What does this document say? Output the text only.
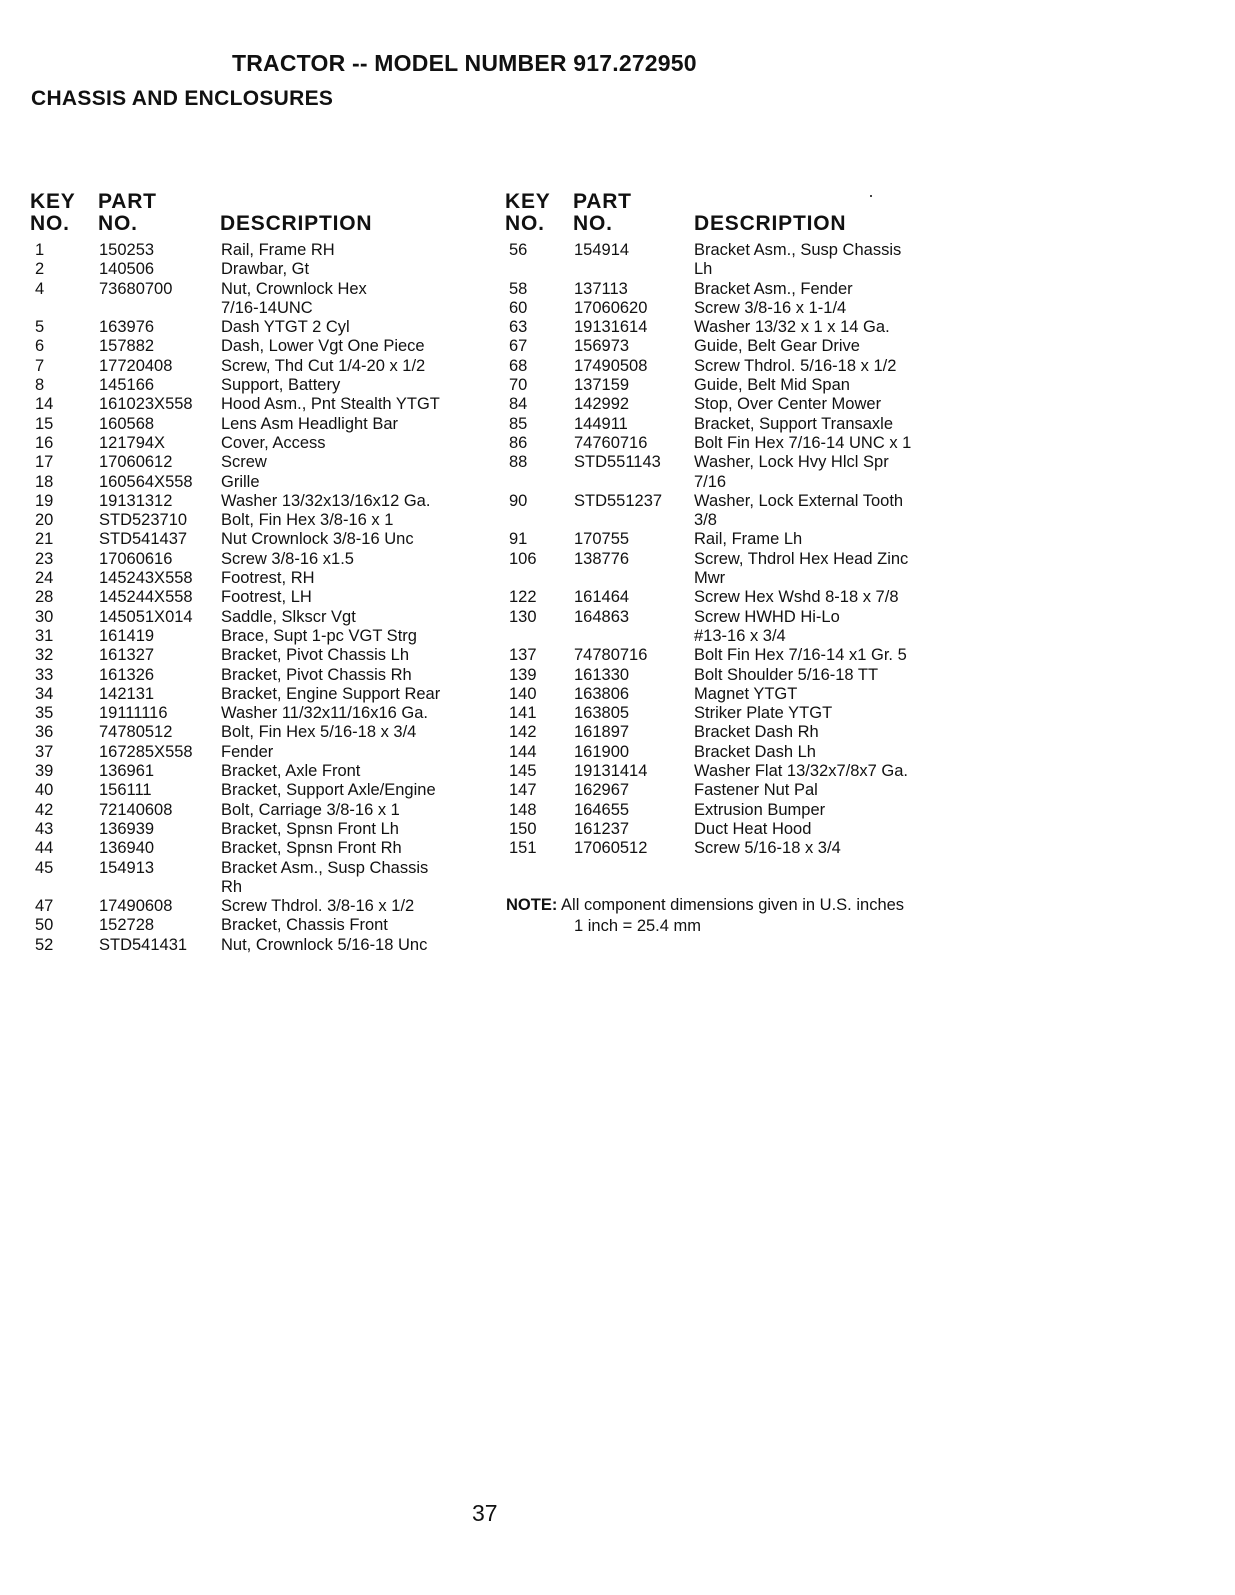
TRACTOR -- MODEL NUMBER 917.272950
CHASSIS AND ENCLOSURES
KEY
NO.
PART
NO.	DESCRIPTION
KEY
NO.
PART
NO.	DESCRIPTION
1	150253	Rail, Frame RH
2	140506	Drawbar, Gt
4	73680700	Nut, Crownlock Hex
7/16-14UNC
5	163976	Dash YTGT 2 Cyl
6	157882	Dash, Lower Vgt One Piece
7	17720408	Screw, Thd Cut 1/4-20 x 1/2
8	145166	Support, Battery
14	161023X558 Hood Asm., Pnt Stealth YTGT
15	160568	Lens Asm Headlight Bar
16	121794X	Cover, Access
17	17060612	Screw
18	160564X558 Grille
19	19131312	Washer 13/32x13/16x12 Ga.
20	STD523710 Bolt, Fin Hex 3/8-16 x 1
21	STD541437 Nut Crownlock 3/8-16 Unc
23	17060616	Screw 3/8-16 x1.5
24	145243X558 Footrest, RH
28	145244X558 Footrest, LH
30	145051X014 Saddle, Slkscr Vgt
31	161419	Brace, Supt 1-pc VGT Strg
32	161327	Bracket, Pivot Chassis Lh
33	161326	Bracket, Pivot Chassis Rh
34	142131	Bracket, Engine Support Rear
35	19111116	Washer 11/32x11/16x16 Ga.
36	74780512	Bolt, Fin Hex 5/16-18 x 3/4
37	167285X558 Fender
39	136961	Bracket, Axle Front
40	156111	Bracket, Support Axle/Engine
42	72140608	Bolt, Carriage 3/8-16 x 1
43	136939	Bracket, Spnsn Front Lh
44	136940	Bracket, Spnsn Front Rh
45	154913	Bracket Asm., Susp Chassis
Rh
47	17490608	Screw Thdrol. 3/8-16 x 1/2
50	152728	Bracket, Chassis Front
52	STD541431 Nut, Crownlock 5/16-18 Unc
56	154914	Bracket Asm., Susp Chassis
Lh
58	137113	Bracket Asm., Fender
60	17060620	Screw 3/8-16 x 1-1/4
63	19131614	Washer 13/32 x 1 x 14 Ga.
67	156973	Guide, Belt Gear Drive
68	17490508	Screw Thdrol. 5/16-18 x 1/2
70	137159	Guide, Belt Mid Span
84	142992	Stop, Over Center Mower
85	144911	Bracket, Support Transaxle
86	74760716	Bolt Fin Hex 7/16-14 UNC x 1
88	STD551143 Washer, Lock Hvy Hlcl Spr
7/16
90	STD551237 Washer, Lock External Tooth
3/8
91	170755	Rail, Frame Lh
106 138776	Screw, Thdrol Hex Head Zinc
Mwr
122 161464	Screw Hex Wshd 8-18 x 7/8
130 164863	Screw HWHD Hi-Lo
#13-16 x 3/4
137 74780716	Bolt Fin Hex 7/16-14 x1 Gr. 5
139 161330	Bolt Shoulder 5/16-18 TT
140 163806	Magnet YTGT
141 163805	Striker Plate YTGT
142 161897	Bracket Dash Rh
144 161900	Bracket Dash Lh
145 19131414	Washer Flat 13/32x7/8x7 Ga.
147 162967	Fastener Nut Pal
148 164655	Extrusion Bumper
150 161237	Duct Heat Hood
151 17060512	Screw 5/16-18 x 3/4
NOTE: All component dimensions given in U.S. inches
1 inch = 25.4 mm
37
